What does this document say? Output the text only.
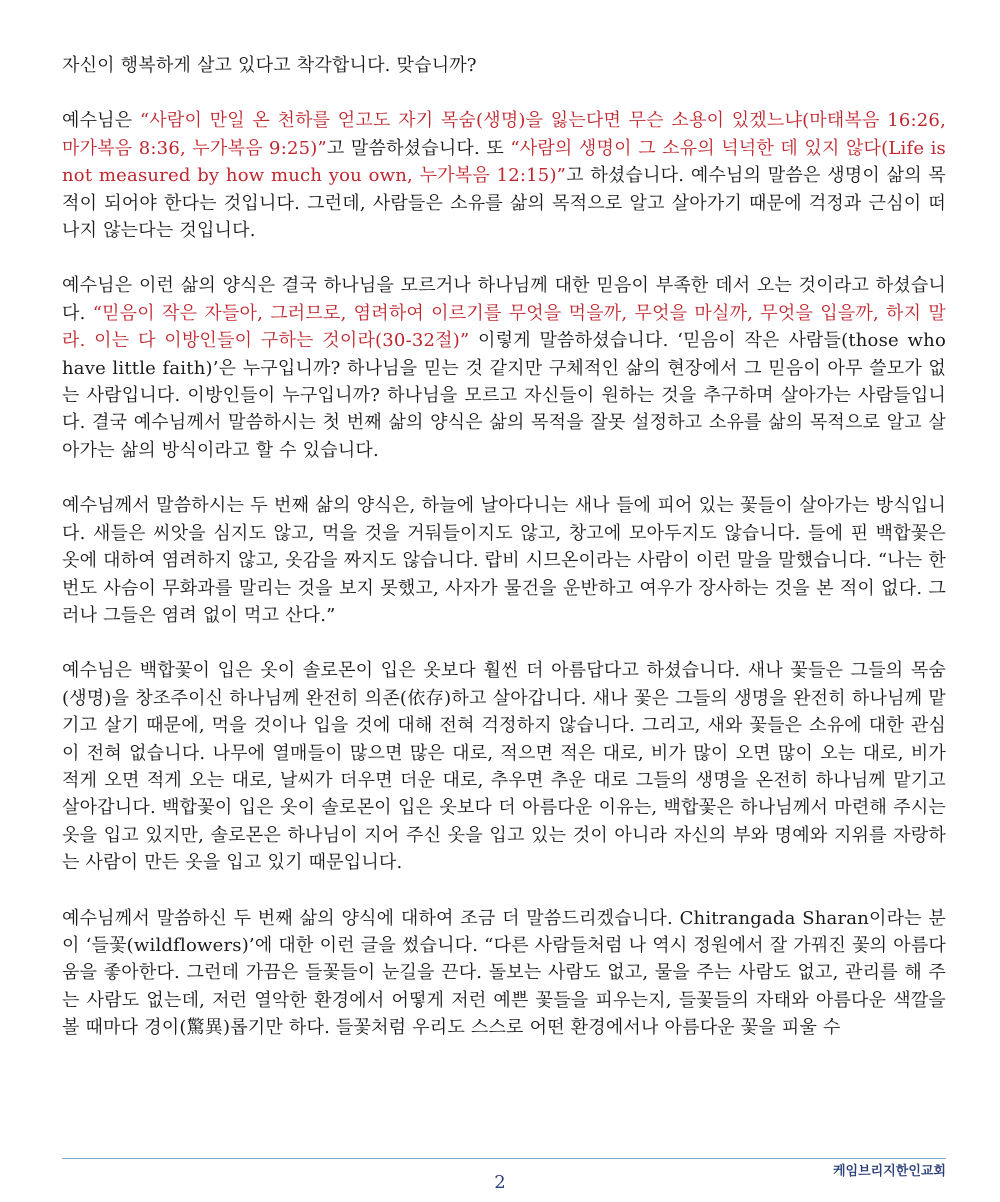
자신이 행복하게 살고 있다고 착각합니다. 맞습니까?

예수님은 “사람이 만일 온 천하를 얻고도 자기 목숨(생명)을 잃는다면 무슨 소용이 있겠느냐(마태복음 16:26, 마가복음 8:36, 누가복음 9:25)”고 말씀하셨습니다. 또 “사람의 생명이 그 소유의 넉넉한 데 있지 않다(Life is not measured by how much you own, 누가복음 12:15)”고 하셨습니다. 예수님의 말씀은 생명이 삶의 목적이 되어야 한다는 것입니다. 그런데, 사람들은 소유를 삶의 목적으로 알고 살아가기 때문에 걱정과 근심이 떠나지 않는다는 것입니다.

예수님은 이런 삶의 양식은 결국 하나님을 모르거나 하나님께 대한 믿음이 부족한 데서 오는 것이라고 하셨습니다. “믿음이 작은 자들아, 그러므로, 염려하여 이르기를 무엇을 먹을까, 무엇을 마실까, 무엇을 입을까, 하지 말라. 이는 다 이방인들이 구하는 것이라(30-32절)” 이렇게 말씀하셨습니다. ‘믿음이 작은 사람들(those who have little faith)’은 누구입니까? 하나님을 믿는 것 같지만 구체적인 삶의 현장에서 그 믿음이 아무 쓸모가 없는 사람입니다. 이방인들이 누구입니까? 하나님을 모르고 자신들이 원하는 것을 추구하며 살아가는 사람들입니다. 결국 예수님께서 말씀하시는 첫 번째 삶의 양식은 삶의 목적을 잘못 설정하고 소유를 삶의 목적으로 알고 살아가는 삶의 방식이라고 할 수 있습니다.

예수님께서 말씀하시는 두 번째 삶의 양식은, 하늘에 날아다니는 새나 들에 피어 있는 꽃들이 살아가는 방식입니다. 새들은 씨앗을 심지도 않고, 먹을 것을 거둬들이지도 않고, 창고에 모아두지도 않습니다. 들에 핀 백합꽃은 옷에 대하여 염려하지 않고, 옷감을 짜지도 않습니다. 랍비 시므온이라는 사람이 이런 말을 말했습니다. “나는 한 번도 사슴이 무화과를 말리는 것을 보지 못했고, 사자가 물건을 운반하고 여우가 장사하는 것을 본 적이 없다. 그러나 그들은 염려 없이 먹고 산다.”

예수님은 백합꽃이 입은 옷이 솔로몬이 입은 옷보다 훨씬 더 아름답다고 하셨습니다. 새나 꽃들은 그들의 목숨(생명)을 창조주이신 하나님께 완전히 의존(依存)하고 살아갑니다. 새나 꽃은 그들의 생명을 완전히 하나님께 맡기고 살기 때문에, 먹을 것이나 입을 것에 대해 전혀 걱정하지 않습니다. 그리고, 새와 꽃들은 소유에 대한 관심이 전혀 없습니다. 나무에 열매들이 많으면 많은 대로, 적으면 적은 대로, 비가 많이 오면 많이 오는 대로, 비가 적게 오면 적게 오는 대로, 날씨가 더우면 더운 대로, 추우면 추운 대로 그들의 생명을 온전히 하나님께 맡기고 살아갑니다. 백합꽃이 입은 옷이 솔로몬이 입은 옷보다 더 아름다운 이유는, 백합꽃은 하나님께서 마련해 주시는 옷을 입고 있지만, 솔로몬은 하나님이 지어 주신 옷을 입고 있는 것이 아니라 자신의 부와 명예와 지위를 자랑하는 사람이 만든 옷을 입고 있기 때문입니다.

예수님께서 말씀하신 두 번째 삶의 양식에 대하여 조금 더 말씀드리겠습니다. Chitrangada Sharan이라는 분이 ‘들꽃(wildflowers)’에 대한 이런 글을 썼습니다. “다른 사람들처럼 나 역시 정원에서 잘 가꿔진 꽃의 아름다움을 좋아한다. 그런데 가끔은 들꽃들이 눈길을 끈다. 돌보는 사람도 없고, 물을 주는 사람도 없고, 관리를 해 주는 사람도 없는데, 저런 열악한 환경에서 어떻게 저런 예쁜 꽃들을 피우는지, 들꽃들의 자태와 아름다운 색깔을 볼 때마다 경이(驚異)롭기만 하다. 들꽃처럼 우리도 스스로 어떤 환경에서나 아름다운 꽃을 피울 수

케임브리지한인교회
2
